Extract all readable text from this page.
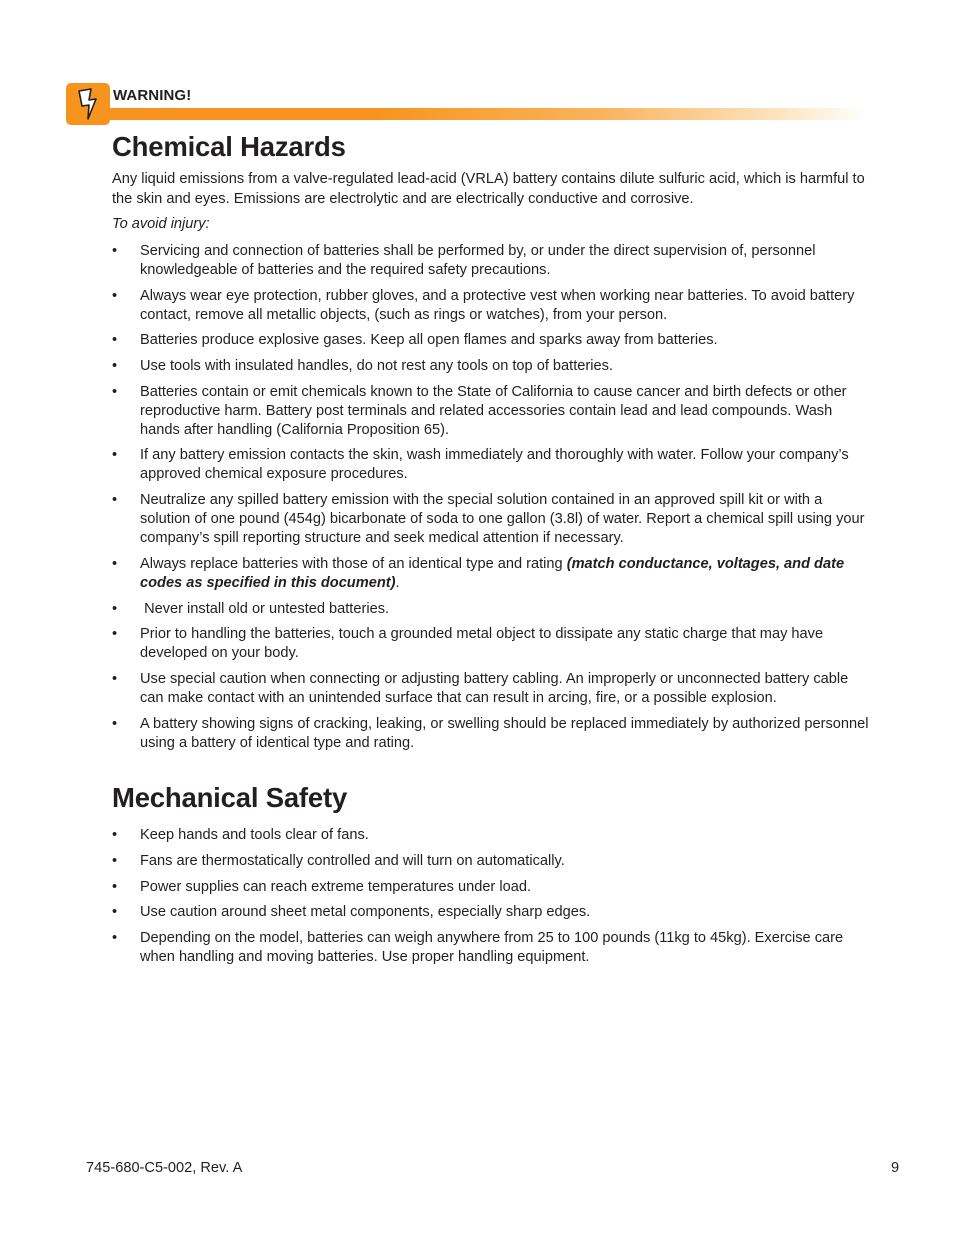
WARNING!
Chemical Hazards

Any liquid emissions from a valve-regulated lead-acid (VRLA) battery contains dilute sulfuric acid, which is harmful to the skin and eyes. Emissions are electrolytic and are electrically conductive and corrosive.

To avoid injury:

• Servicing and connection of batteries shall be performed by, or under the direct supervision of, personnel knowledgeable of batteries and the required safety precautions.
• Always wear eye protection, rubber gloves, and a protective vest when working near batteries. To avoid battery contact, remove all metallic objects, (such as rings or watches), from your person.
• Batteries produce explosive gases. Keep all open flames and sparks away from batteries.
• Use tools with insulated handles, do not rest any tools on top of batteries.
• Batteries contain or emit chemicals known to the State of California to cause cancer and birth defects or other reproductive harm. Battery post terminals and related accessories contain lead and lead compounds. Wash hands after handling (California Proposition 65).
• If any battery emission contacts the skin, wash immediately and thoroughly with water. Follow your company’s approved chemical exposure procedures.
• Neutralize any spilled battery emission with the special solution contained in an approved spill kit or with a solution of one pound (454g) bicarbonate of soda to one gallon (3.8l) of water. Report a chemical spill using your company’s spill reporting structure and seek medical attention if necessary.
• Always replace batteries with those of an identical type and rating (match conductance, voltages, and date codes as specified in this document).
• Never install old or untested batteries.
• Prior to handling the batteries, touch a grounded metal object to dissipate any static charge that may have developed on your body.
• Use special caution when connecting or adjusting battery cabling. An improperly or unconnected battery cable can make contact with an unintended surface that can result in arcing, fire, or a possible explosion.
• A battery showing signs of cracking, leaking, or swelling should be replaced immediately by authorized personnel using a battery of identical type and rating.
Mechanical Safety
• Keep hands and tools clear of fans.
• Fans are thermostatically controlled and will turn on automatically.
• Power supplies can reach extreme temperatures under load.
• Use caution around sheet metal components, especially sharp edges.
• Depending on the model, batteries can weigh anywhere from 25 to 100 pounds (11kg to 45kg). Exercise care when handling and moving batteries. Use proper handling equipment.
745-680-C5-002, Rev. A	9
